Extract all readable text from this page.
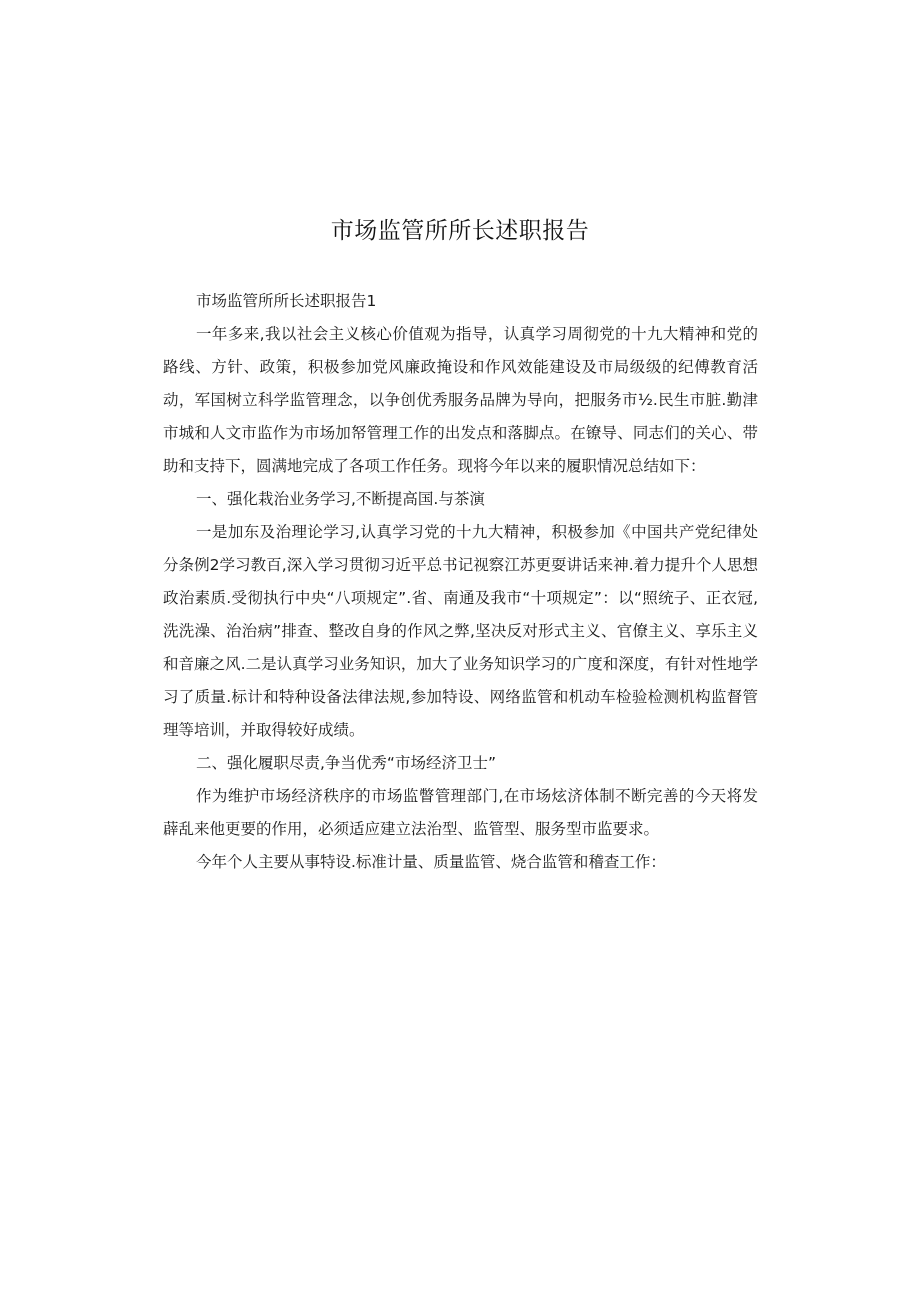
市场监管所所长述职报告

市场监管所所长述职报告1

一年多来,我以社会主义核心价值观为指导，认真学习周彻党的十九大精神和党的路线、方针、政策，积极参加党风廉政掩设和作风效能建设及市局级级的纪傅教育活动，军国树立科学监管理念，以争创优秀服务品牌为导向，把服务市½.民生市脏.勤津市城和人文市监作为市场加帑管理工作的出发点和落脚点。在镣导、同志们的关心、带助和支持下，圆满地完成了各项工作任务。现将今年以来的履职情况总结如下：

一、强化栽治业务学习,不断提高国.与茶演

一是加东及治理论学习,认真学习党的十九大精神，积极参加《中国共产党纪律处分条例2学习教百,深入学习贯彻习近平总书记视察江苏更耍讲话来神.着力提升个人思想政治素质.受彻执行中央“八项规定”.省、南通及我市“十项规定”：以“照统子、正衣冠,洗洗澡、治治病”排查、整改自身的作风之弊,坚决反对形式主义、官僚主义、享乐主义和音廉之风.二是认真学习业务知识，加大了业务知识学习的广度和深度，有针对性地学习了质量.标计和特种设备法律法规,参加特设、网络监管和机动车检验检测机构监督管理等培训，并取得较好成绩。

二、强化履职尽责,争当优秀“市场经济卫士”

作为维护市场经济秩序的市场监瞥管理部门,在市场炫济体制不断完善的今天将发薜乱来他更要的作用，必须适应建立法治型、监管型、服务型市监要求。

今年个人主要从事特设.标准计量、质量监管、烧合监管和稽查工作：
